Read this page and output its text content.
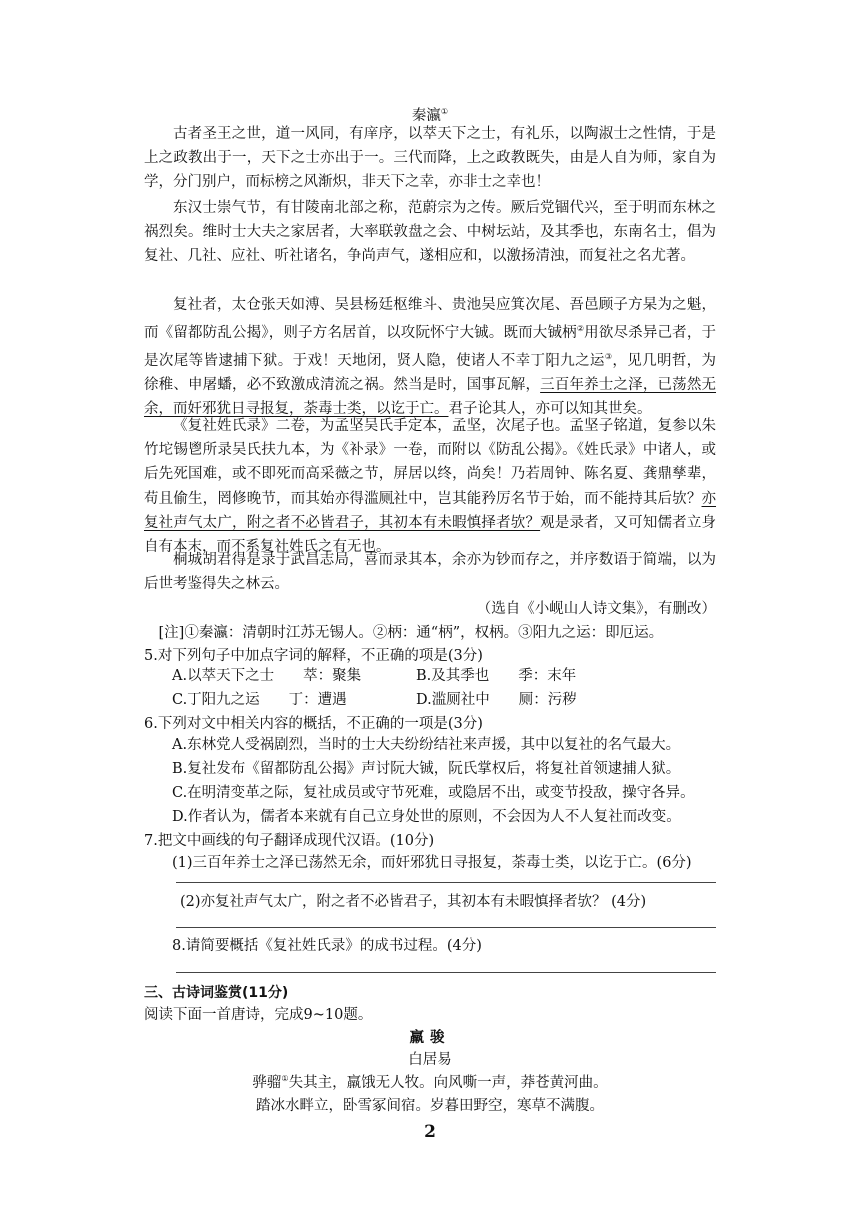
秦瀛①
古者圣王之世，道一风同，有庠序，以萃天下之士，有礼乐，以陶淑士之性情，于是上之政教出于一，天下之士亦出于一。三代而降，上之政教既失，由是人自为师，家自为学，分门别户，而标榜之风渐炽，非天下之幸，亦非士之幸也！
东汉士崇气节，有甘陵南北部之称，范蔚宗为之传。厥后党锢代兴，至于明而东林之祸烈矣。维时士大夫之家居者，大率联敦盘之会、中树坛站，及其季也，东南名士，倡为复社、几社、应社、听社诸名，争尚声气，遂相应和，以激扬清浊，而复社之名尤著。
复社者，太仓张天如溥、吴县杨廷枢维斗、贵池吴应箕次尾、吾邑顾子方杲为之魁，而《留都防乱公揭》，则子方名居首，以攻阮怀宁大铖。既而大铖柄②用欲尽杀异己者，于是次尾等皆逮捕下狱。于戏！天地闭，贤人隐，使诸人不幸丁阳九之运③，见几明哲，为徐稚、申屠蟠，必不致激成清流之祸。然当是时，国事瓦解，三百年养士之泽，已荡然无余，而奸邪犹日寻报复，荼毒士类，以讫于亡。君子论其人，亦可以知其世矣。
《复社姓氏录》二卷，为孟坚吴氏手定本，孟坚，次尾子也。孟坚子铭道，复参以朱竹坨锡鬯所录吴氏扶九本，为《补录》一卷，而附以《防乱公揭》。《姓氏录》中诸人，或后先死国难，或不即死而高采薇之节，屏居以终，尚矣！乃若周钟、陈名夏、龚鼎孳辈，苟且偷生，罔修晚节，而其始亦得滥厕社中，岂其能矜厉名节于始，而不能持其后欤？亦复社声气太广，附之者不必皆君子，其初本有未暇慎择者欤？观是录者，又可知儒者立身自有本末，而不系复社姓氏之有无也。
桐城胡君得是录于武昌志局，喜而录其本，余亦为钞而存之，并序数语于简端，以为后世考鉴得失之林云。
（选自《小岘山人诗文集》，有删改）
[注]①秦瀛：清朝时江苏无锡人。②柄：通“柄”，权柄。③阳九之运：即厄运。
5.对下列句子中加点字词的解释，不正确的项是(3分)
A.以萃天下之士　　萃：聚集	B.及其季也　　季：末年
C.丁阳九之运　　丁：遭遇	D.滥厕社中　　厕：污秽
6.下列对文中相关内容的概括，不正确的一项是(3分)
A.东林党人受祸剧烈，当时的士大夫纷纷结社来声援，其中以复社的名气最大。
B.复社发布《留都防乱公揭》声讨阮大铖，阮氏掌权后，将复社首领逮捕人狱。
C.在明清变革之际，复社成员或守节死难，或隐居不出，或变节投敌，操守各异。
D.作者认为，儒者本来就有自己立身处世的原则，不会因为人不人复社而改变。
7.把文中画线的句子翻译成现代汉语。(10分)
(1)三百年养士之泽已荡然无余，而奸邪犹日寻报复，荼毒士类，以讫于亡。(6分)
(2)亦复社声气太广，附之者不必皆君子，其初本有未暇慎择者欤？ (4分)
8.请简要概括《复社姓氏录》的成书过程。(4分)
三、古诗词鉴赏(11分)
阅读下面一首唐诗，完成9~10题。
羸骏
白居易
骅骝①失其主，羸饿无人牧。向风嘶一声，莽苍黄河曲。
踏冰水畔立，卧雪冢间宿。岁暮田野空，寒草不满腹。
2
